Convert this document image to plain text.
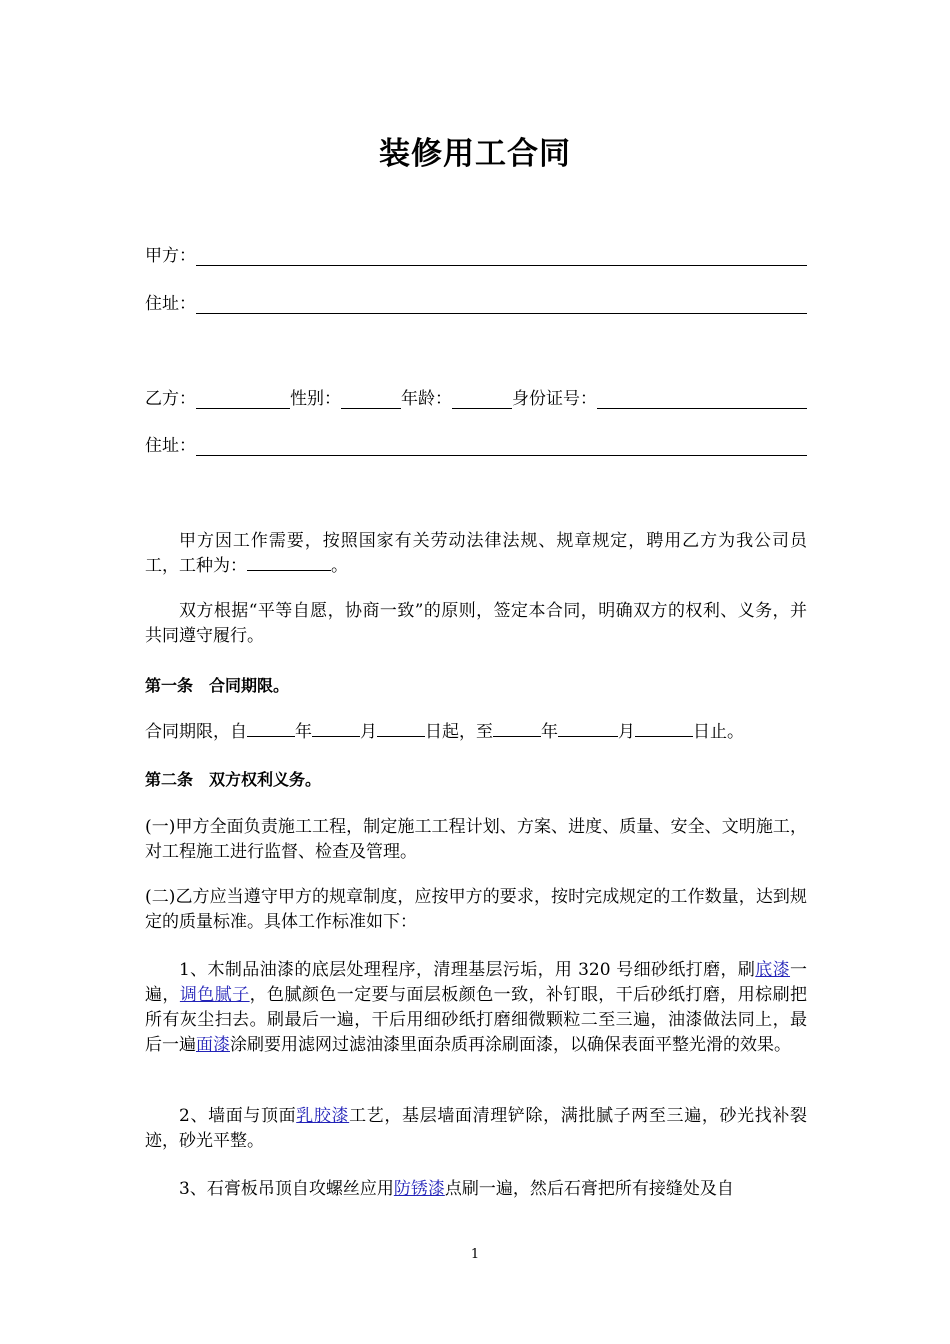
装修用工合同
甲方：
住址：
乙方：	性别：	年龄：	身份证号：
住址：
甲方因工作需要，按照国家有关劳动法律法规、规章规定，聘用乙方为我公司员工，工种为：	。
双方根据“平等自愿，协商一致”的原则，签定本合同，明确双方的权利、义务，并共同遵守履行。
第一条　合同期限。
合同期限，自	年	月	日起，至	年	月	日止。
第二条　双方权利义务。
(一)甲方全面负责施工工程，制定施工工程计划、方案、进度、质量、安全、文明施工，对工程施工进行监督、检查及管理。
(二)乙方应当遵守甲方的规章制度，应按甲方的要求，按时完成规定的工作数量，达到规定的质量标准。具体工作标准如下：
1、木制品油漆的底层处理程序，清理基层污垢，用 320 号细砂纸打磨，刷底漆一遍，调色腻子，色腻颜色一定要与面层板颜色一致，补钉眼，干后砂纸打磨，用棕刷把所有灰尘扫去。刷最后一遍，干后用细砂纸打磨细微颗粒二至三遍，油漆做法同上，最后一遍面漆涂刷要用滤网过滤油漆里面杂质再涂刷面漆，以确保表面平整光滑的效果。
2、墙面与顶面乳胶漆工艺，基层墙面清理铲除，满批腻子两至三遍，砂光找补裂迹，砂光平整。
3、石膏板吊顶自攻螺丝应用防锈漆点刷一遍，然后石膏把所有接缝处及自
1
